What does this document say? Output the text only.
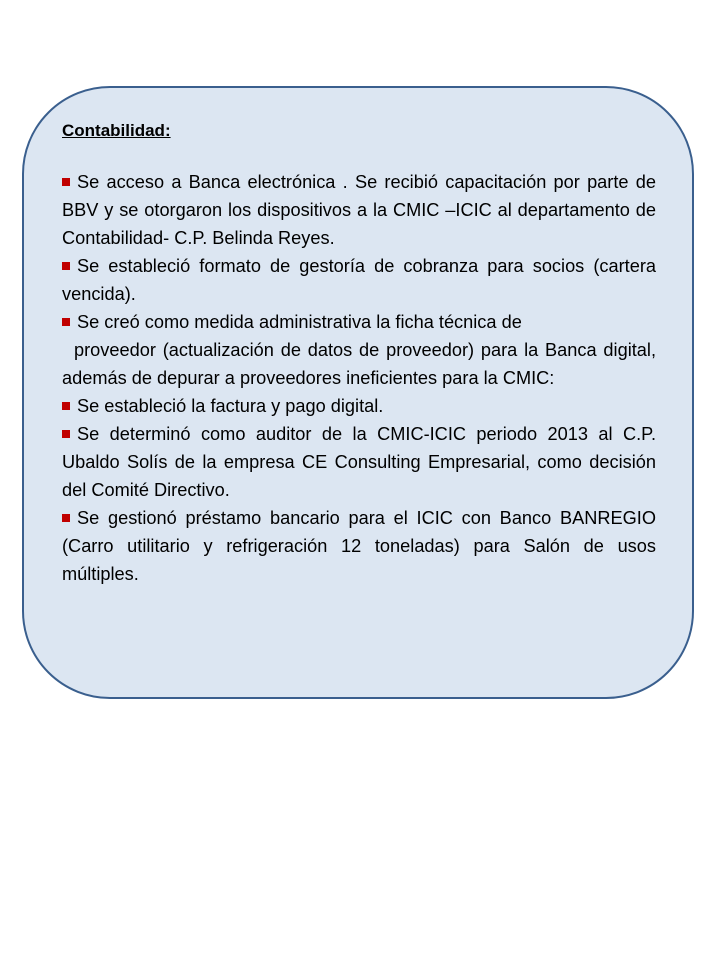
Contabilidad:
Se acceso a Banca electrónica . Se recibió capacitación por parte de BBV y se otorgaron los dispositivos a la CMIC –ICIC al departamento de Contabilidad- C.P. Belinda Reyes.
Se estableció formato de gestoría de cobranza para socios (cartera vencida).
Se creó como medida administrativa la ficha técnica de
proveedor (actualización de datos de proveedor) para la Banca digital, además de depurar a proveedores ineficientes para la CMIC:
Se estableció la factura y pago digital.
Se determinó como auditor de la CMIC-ICIC periodo 2013 al C.P. Ubaldo Solís de la empresa CE Consulting Empresarial, como decisión del Comité Directivo.
Se gestionó préstamo bancario para el ICIC con Banco BANREGIO (Carro utilitario y refrigeración 12 toneladas) para Salón de usos múltiples.
